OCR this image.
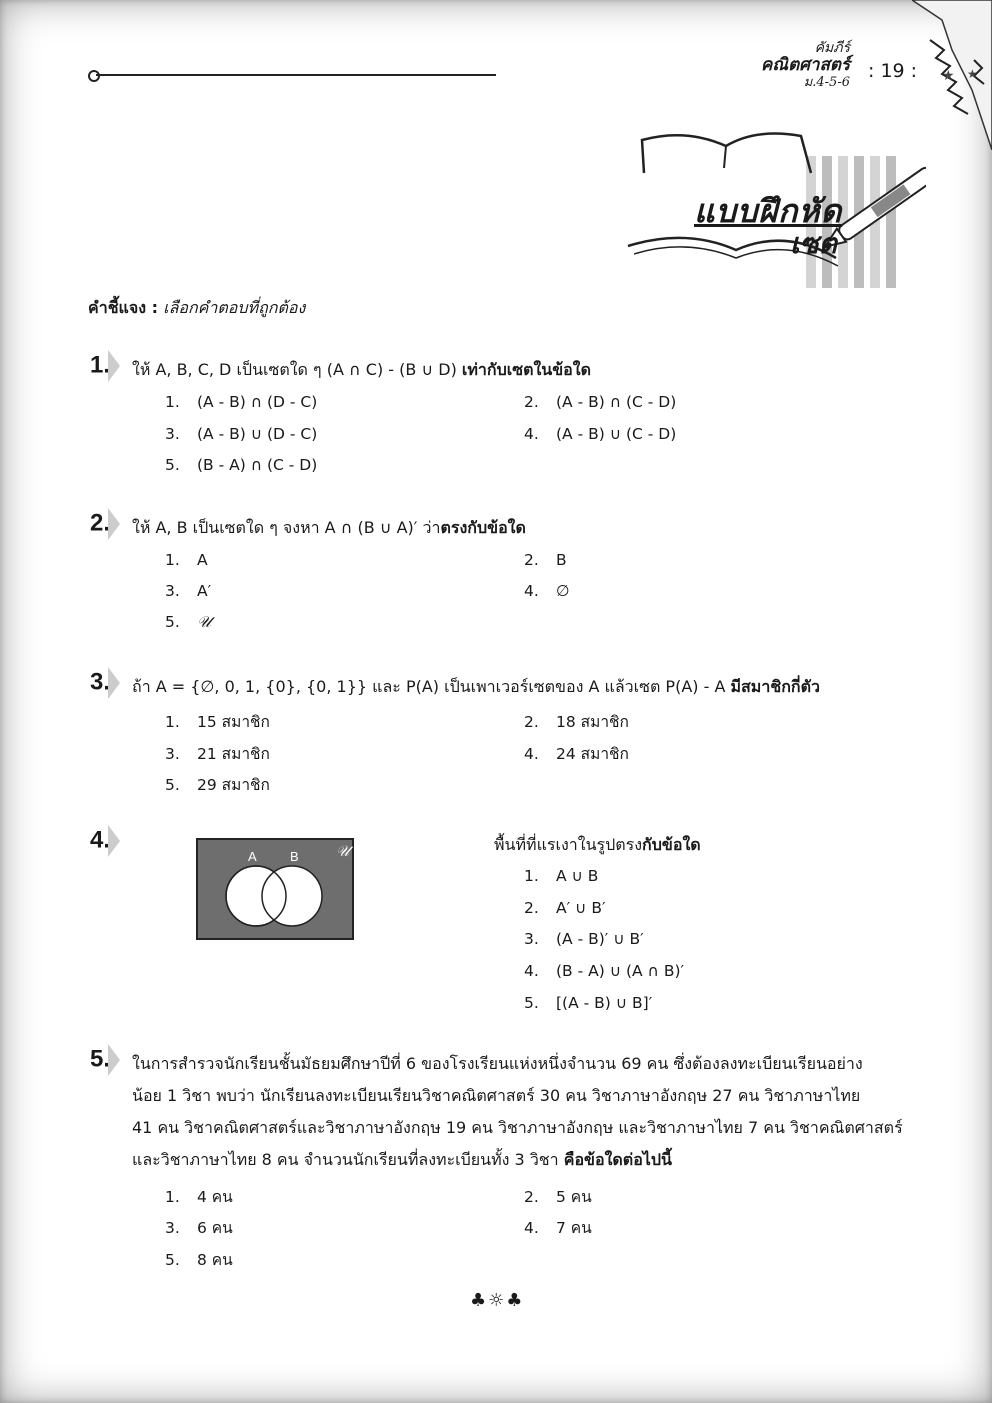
คัมภีร์
คณิตศาสตร์
ม.4-5-6
: 19 : ★ ★
แบบฝึกหัด
เซต
คำชี้แจง : เลือกคำตอบที่ถูกต้อง
1.	ให้ A, B, C, D เป็นเซตใด ๆ (A ∩ C) - (B ∪ D) เท่ากับเซตในข้อใด
1. (A - B) ∩ (D - C)	2. (A - B) ∩ (C - D)
3. (A - B) ∪ (D - C)	4. (A - B) ∪ (C - D)
5. (B - A) ∩ (C - D)
2.	ให้ A, B เป็นเซตใด ๆ จงหา A ∩ (B ∪ A)′ ว่าตรงกับข้อใด
1. A	2. B
3. A′	4. ∅
5. 𝒰
3.	ถ้า A = {∅, 0, 1, {0}, {0, 1}} และ P(A) เป็นเพาเวอร์เซตของ A แล้วเซต P(A) - A มีสมาชิกกี่ตัว
1. 15 สมาชิก	2. 18 สมาชิก
3. 21 สมาชิก	4. 24 สมาชิก
5. 29 สมาชิก
4.
A	B 𝒰	พื้นที่ที่แรเงาในรูปตรงกับข้อใด
1. A ∪ B
2. A′ ∪ B′
3. (A - B)′ ∪ B′
4. (B - A) ∪ (A ∩ B)′
5. [(A - B) ∪ B]′
5.	ในการสำรวจนักเรียนชั้นมัธยมศึกษาปีที่ 6 ของโรงเรียนแห่งหนึ่งจำนวน 69 คน ซึ่งต้องลงทะเบียนเรียนอย่าง
น้อย 1 วิชา พบว่า นักเรียนลงทะเบียนเรียนวิชาคณิตศาสตร์ 30 คน วิชาภาษาอังกฤษ 27 คน วิชาภาษาไทย
41 คน วิชาคณิตศาสตร์และวิชาภาษาอังกฤษ 19 คน วิชาภาษาอังกฤษ และวิชาภาษาไทย 7 คน วิชาคณิตศาสตร์
และวิชาภาษาไทย 8 คน จำนวนนักเรียนที่ลงทะเบียนทั้ง 3 วิชา คือข้อใดต่อไปนี้
1. 4 คน	2. 5 คน
3. 6 คน	4. 7 คน
5. 8 คน
♣☼♣
